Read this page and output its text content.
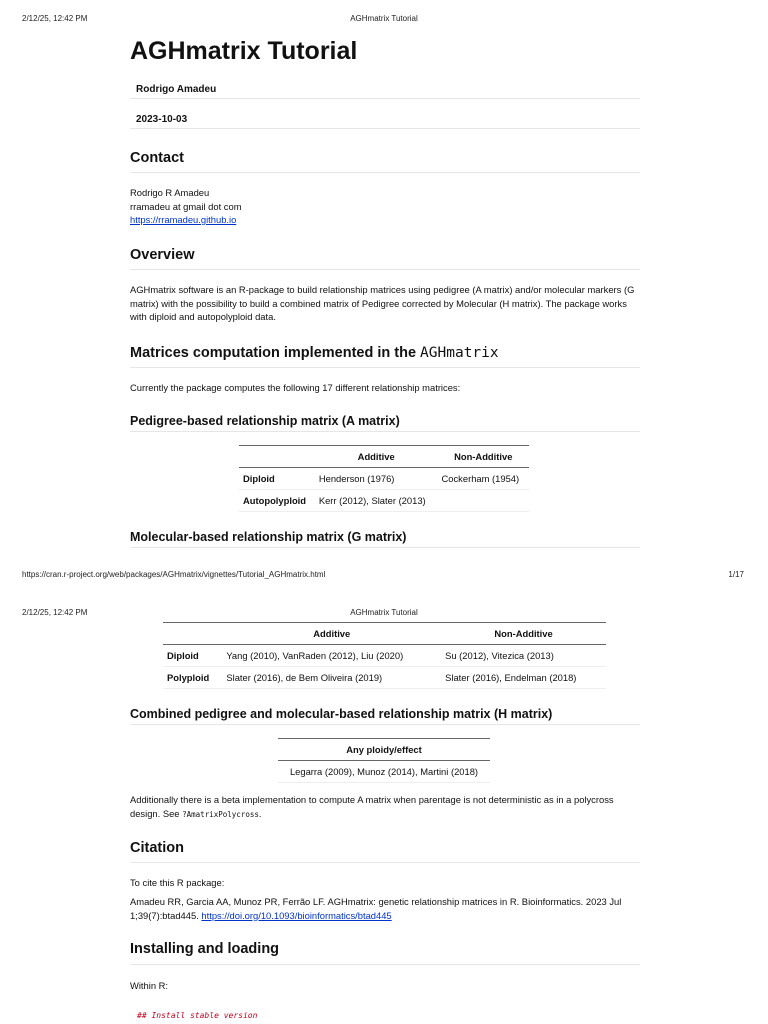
2/12/25, 12:42 PM	AGHmatrix Tutorial
AGHmatrix Tutorial
Rodrigo Amadeu
2023-10-03
Contact
Rodrigo R Amadeu
rramadeu at gmail dot com
https://rramadeu.github.io
Overview
AGHmatrix software is an R-package to build relationship matrices using pedigree (A matrix) and/or molecular markers (G matrix) with the possibility to build a combined matrix of Pedigree corrected by Molecular (H matrix). The package works with diploid and autopolyploid data.
Matrices computation implemented in the AGHmatrix
Currently the package computes the following 17 different relationship matrices:
Pedigree-based relationship matrix (A matrix)
	Additive	Non-Additive
Diploid	Henderson (1976)	Cockerham (1954)
Autopolyploid	Kerr (2012), Slater (2013)	
Molecular-based relationship matrix (G matrix)
https://cran.r-project.org/web/packages/AGHmatrix/vignettes/Tutorial_AGHmatrix.html	1/17
2/12/25, 12:42 PM	AGHmatrix Tutorial
	Additive	Non-Additive
Diploid	Yang (2010), VanRaden (2012), Liu (2020)	Su (2012), Vitezica (2013)
Polyploid	Slater (2016), de Bem Oliveira (2019)	Slater (2016), Endelman (2018)
Combined pedigree and molecular-based relationship matrix (H matrix)
Any ploidy/effect
Legarra (2009), Munoz (2014), Martini (2018)
Additionally there is a beta implementation to compute A matrix when parentage is not deterministic as in a polycross design. See ?AmatrixPolycross.
Citation
To cite this R package:
Amadeu RR, Garcia AA, Munoz PR, Ferrão LF. AGHmatrix: genetic relationship matrices in R. Bioinformatics. 2023 Jul 1;39(7):btad445. https://doi.org/10.1093/bioinformatics/btad445
Installing and loading
Within R:
## Install stable version
